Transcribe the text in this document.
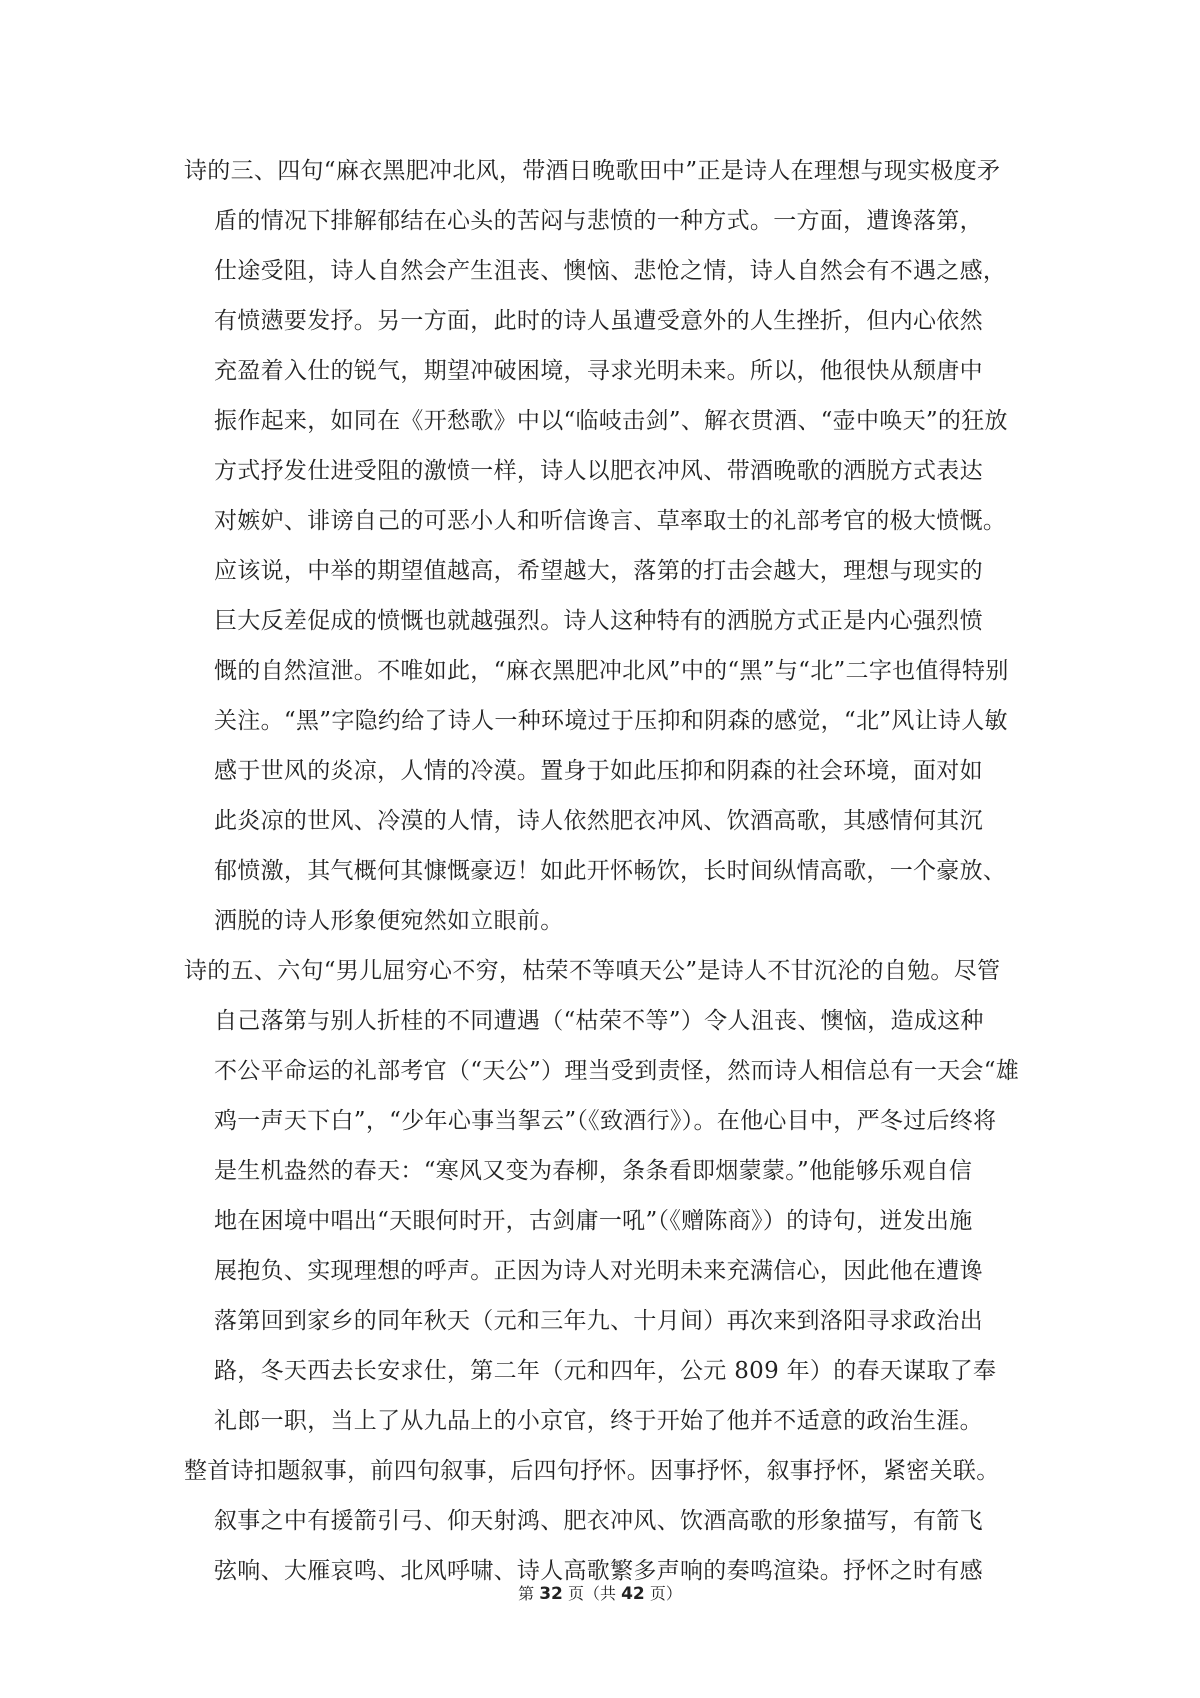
诗的三、四句“麻衣黑肥冲北风，带酒日晚歌田中”正是诗人在理想与现实极度矛
盾的情况下排解郁结在心头的苦闷与悲愤的一种方式。一方面，遭谗落第，
仕途受阻，诗人自然会产生沮丧、懊恼、悲怆之情，诗人自然会有不遇之感，
有愤懑要发抒。另一方面，此时的诗人虽遭受意外的人生挫折，但内心依然
充盈着入仕的锐气，期望冲破困境，寻求光明未来。所以，他很快从颓唐中
振作起来，如同在《开愁歌》中以“临岐击剑”、解衣贯酒、“壶中唤天”的狂放
方式抒发仕进受阻的激愤一样，诗人以肥衣冲风、带酒晚歌的洒脱方式表达
对嫉妒、诽谤自己的可恶小人和听信谗言、草率取士的礼部考官的极大愤慨。
应该说，中举的期望值越高，希望越大，落第的打击会越大，理想与现实的
巨大反差促成的愤慨也就越强烈。诗人这种特有的洒脱方式正是内心强烈愤
慨的自然渲泄。不唯如此，“麻衣黑肥冲北风”中的“黑”与“北”二字也值得特别
关注。“黑”字隐约给了诗人一种环境过于压抑和阴森的感觉，“北”风让诗人敏
感于世风的炎凉，人情的冷漠。置身于如此压抑和阴森的社会环境，面对如
此炎凉的世风、冷漠的人情，诗人依然肥衣冲风、饮酒高歌，其感情何其沉
郁愤激，其气概何其慷慨豪迈！如此开怀畅饮，长时间纵情高歌，一个豪放、
洒脱的诗人形象便宛然如立眼前。
诗的五、六句“男儿屈穷心不穷，枯荣不等嗔天公”是诗人不甘沉沦的自勉。尽管
自己落第与别人折桂的不同遭遇（“枯荣不等”）令人沮丧、懊恼，造成这种
不公平命运的礼部考官（“天公”）理当受到责怪，然而诗人相信总有一天会“雄
鸡一声天下白”，“少年心事当挐云”（《致酒行》）。在他心目中，严冬过后终将
是生机盎然的春天：“寒风又变为春柳，条条看即烟蒙蒙。”他能够乐观自信
地在困境中唱出“天眼何时开，古剑庸一吼”（《赠陈商》）的诗句，迸发出施
展抱负、实现理想的呼声。正因为诗人对光明未来充满信心，因此他在遭谗
落第回到家乡的同年秋天（元和三年九、十月间）再次来到洛阳寻求政治出
路，冬天西去长安求仕，第二年（元和四年，公元 809 年）的春天谋取了奉
礼郎一职，当上了从九品上的小京官，终于开始了他并不适意的政治生涯。
整首诗扣题叙事，前四句叙事，后四句抒怀。因事抒怀，叙事抒怀，紧密关联。
叙事之中有援箭引弓、仰天射鸿、肥衣冲风、饮酒高歌的形象描写，有箭飞
弦响、大雁哀鸣、北风呼啸、诗人高歌繁多声响的奏鸣渲染。抒怀之时有感
第 32 页（共 42 页）
